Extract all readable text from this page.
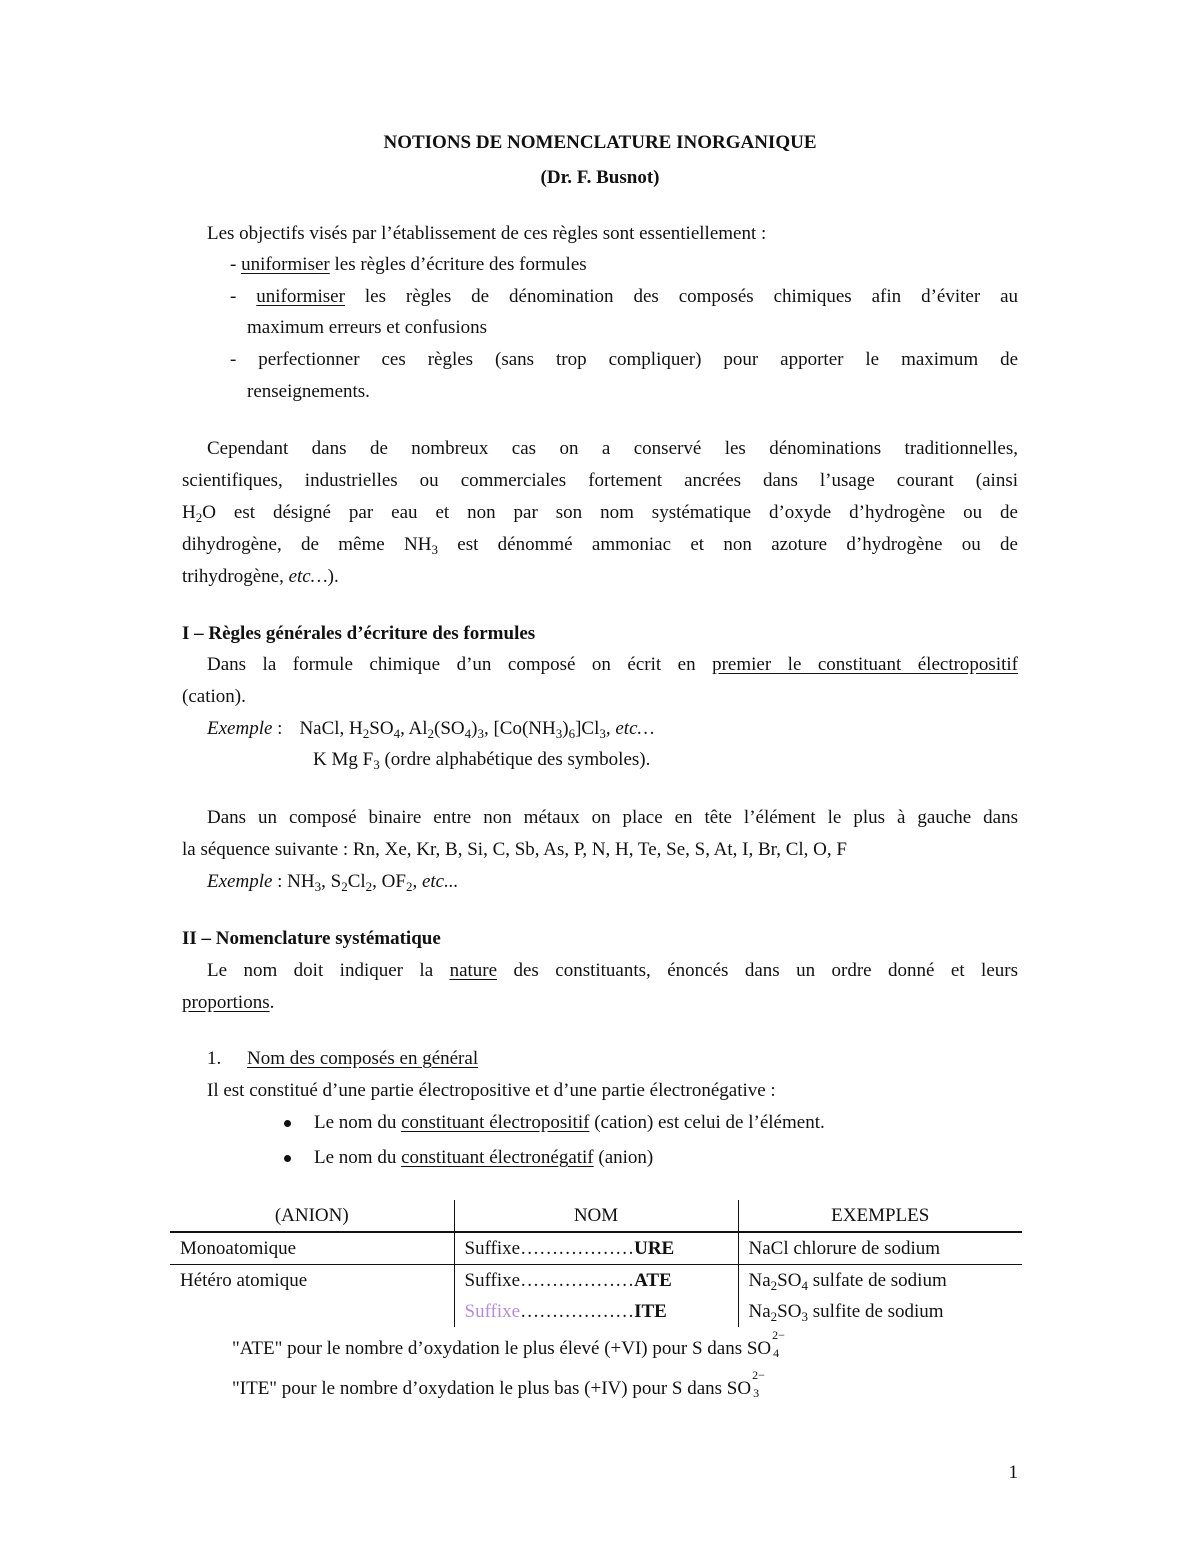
NOTIONS DE NOMENCLATURE INORGANIQUE
(Dr. F. Busnot)
Les objectifs visés par l’établissement de ces règles sont essentiellement :
- uniformiser les règles d’écriture des formules
- uniformiser les règles de dénomination des composés chimiques afin d’éviter au
maximum erreurs et confusions
- perfectionner ces règles (sans trop compliquer) pour apporter le maximum de
renseignements.
Cependant dans de nombreux cas on a conservé les dénominations traditionnelles,
scientifiques, industrielles ou commerciales fortement ancrées dans l’usage courant (ainsi
$H_2O$ est désigné par eau et non par son nom systématique d’oxyde d’hydrogène ou de
dihydrogène, de même $NH_3$ est dénommé ammoniac et non azoture d’hydrogène ou de
trihydrogène, etc…).
I – Règles générales d’écriture des formules
Dans la formule chimique d’un composé on écrit en premier le constituant électropositif
(cation).
Exemple : NaCl, $H_2SO_4$, $Al_2(SO_4)_3$, $[Co(NH_3)_6]Cl_3$, etc…
K Mg $F_3$ (ordre alphabétique des symboles).
Dans un composé binaire entre non métaux on place en tête l’élément le plus à gauche dans
la séquence suivante : Rn, Xe, Kr, B, Si, C, Sb, As, P, N, H, Te, Se, S, At, I, Br, Cl, O, F
Exemple : $NH_3$, $S_2Cl_2$, $OF_2$, etc...
II – Nomenclature systématique
Le nom doit indiquer la nature des constituants, énoncés dans un ordre donné et leurs
proportions.
1. Nom des composés en général
Il est constitué d’une partie électropositive et d’une partie électronégative :
Le nom du constituant électropositif (cation) est celui de l’élément.
Le nom du constituant électronégatif (anion)
(ANION)	NOM	EXEMPLES
Monoatomique	Suffixe………………URE	NaCl chlorure de sodium
Hétéro atomique	Suffixe………………ATE	$Na_2SO_4$ sulfate de sodium
	Suffixe………………ITE	$Na_2SO_3$ sulfite de sodium
"ATE" pour le nombre d’oxydation le plus élevé (+VI) pour S dans SO
2−
4
"ITE" pour le nombre d’oxydation le plus bas (+IV) pour S dans SO
2−
3
1
